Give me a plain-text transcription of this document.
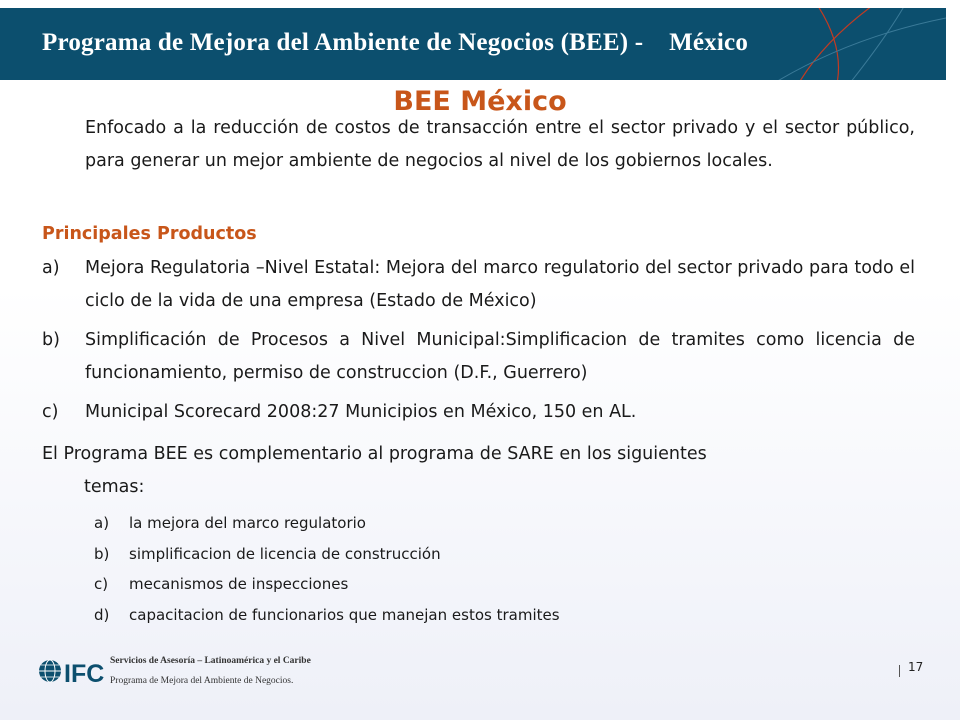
Programa de Mejora del Ambiente de Negocios (BEE) -    México
BEE México
Enfocado a la reducción de costos de transacción entre el sector privado y el sector público, para generar un mejor ambiente de negocios al nivel de los gobiernos locales.
Principales Productos
a)	Mejora Regulatoria –Nivel Estatal: Mejora del marco regulatorio del sector privado para todo el ciclo de la vida de una empresa (Estado de México)
b)	Simplificación de Procesos a Nivel Municipal:Simplificacion de tramites como licencia de funcionamiento, permiso de construccion (D.F., Guerrero)
c)	Municipal Scorecard 2008:27 Municipios en México, 150 en AL.
El Programa BEE es complementario al programa de SARE en los siguientes
temas:
a) la mejora del marco regulatorio
b) simplificacion de licencia de construcción
c) mecanismos de inspecciones
d) capacitacion de funcionarios que manejan estos tramites
IFC Servicios de Asesoría – Latinoamérica y el Caribe
Programa de Mejora del Ambiente de Negocios.
17
